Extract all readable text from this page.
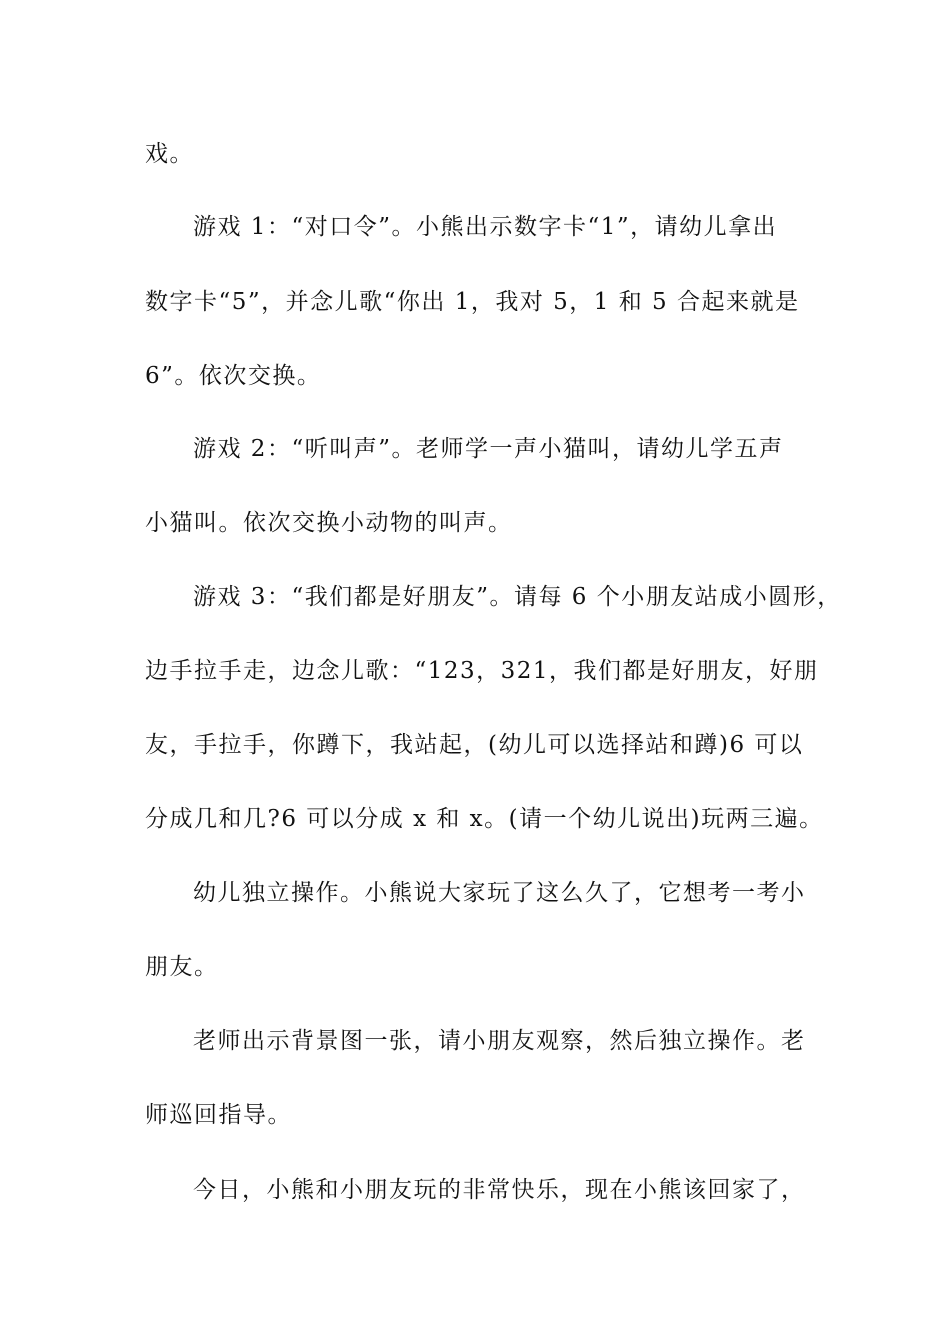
戏。
游戏 1：“对口令”。小熊出示数字卡“1”，请幼儿拿出
数字卡“5”，并念儿歌“你出 1，我对 5，1 和 5 合起来就是
6”。依次交换。
游戏 2：“听叫声”。老师学一声小猫叫，请幼儿学五声
小猫叫。依次交换小动物的叫声。
游戏 3：“我们都是好朋友”。请每 6 个小朋友站成小圆形，
边手拉手走，边念儿歌：“123，321，我们都是好朋友，好朋
友，手拉手，你蹲下，我站起，(幼儿可以选择站和蹲)6 可以
分成几和几?6 可以分成 x 和 x。(请一个幼儿说出)玩两三遍。
幼儿独立操作。小熊说大家玩了这么久了，它想考一考小
朋友。
老师出示背景图一张，请小朋友观察，然后独立操作。老
师巡回指导。
今日，小熊和小朋友玩的非常快乐，现在小熊该回家了，
